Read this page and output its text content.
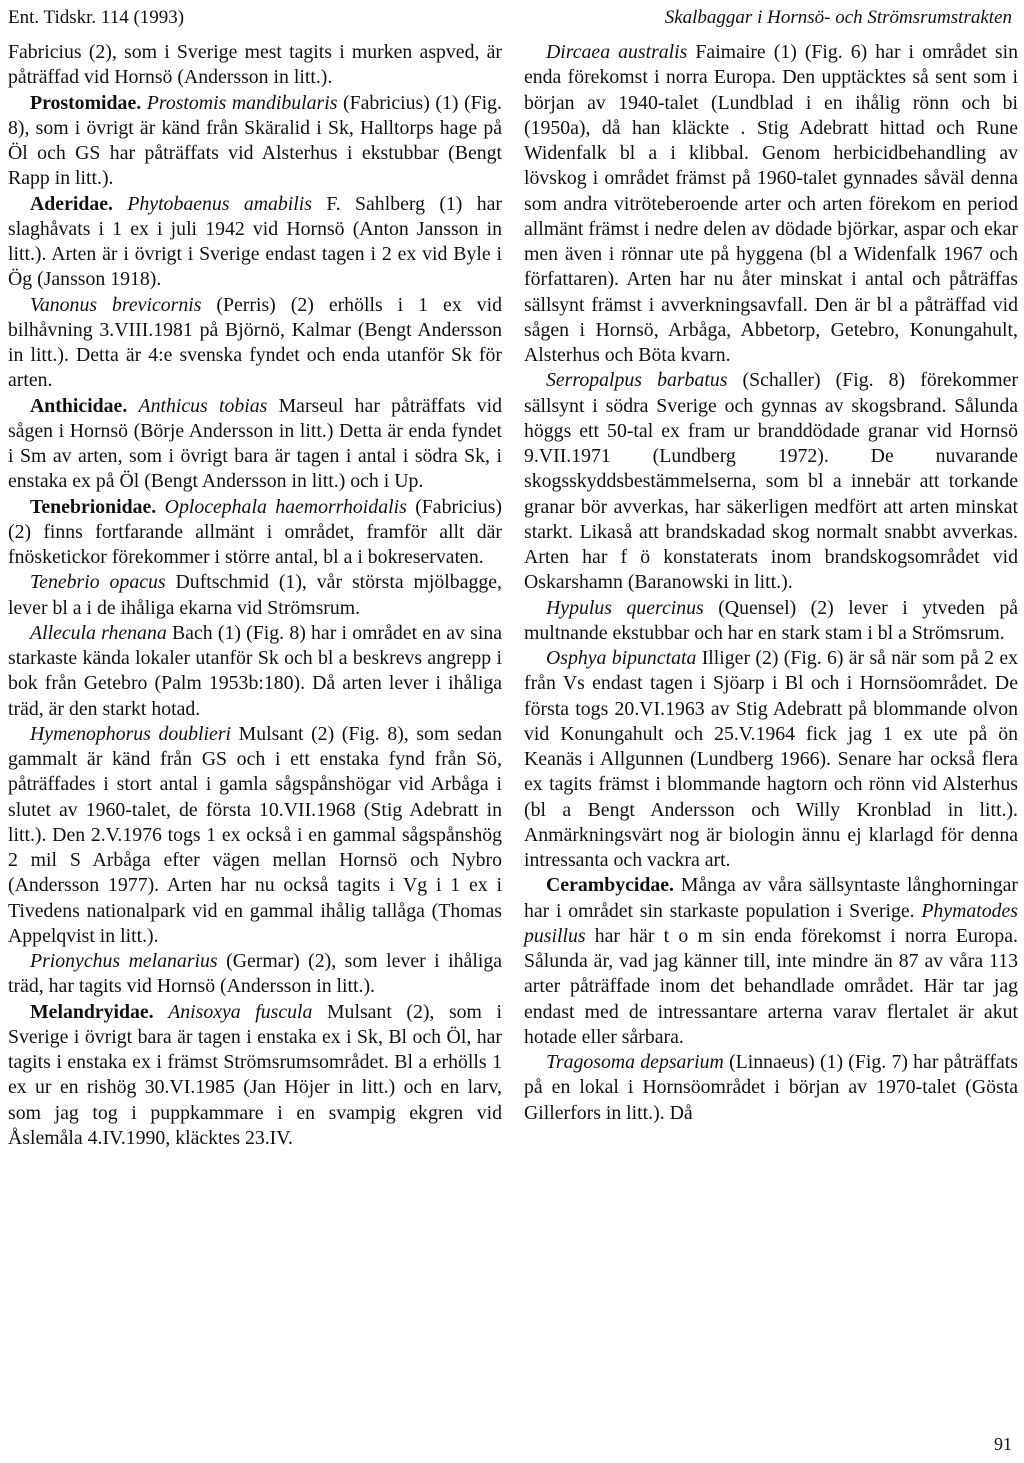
Ent. Tidskr. 114 (1993)	Skalbaggar i Hornsö- och Strömsrumstrakten

Fabricius (2), som i Sverige mest tagits i murken aspved, är påträffad vid Hornsö (Andersson in litt.).

Prostomidae. Prostomis mandibularis (Fabricius) (1) (Fig. 8), som i övrigt är känd från Skäralid i Sk, Halltorps hage på Öl och GS har påträffats vid Alsterhus i ekstubbar (Bengt Rapp in litt.).

Aderidae. Phytobaenus amabilis F. Sahlberg (1) har slaghåvats i 1 ex i juli 1942 vid Hornsö (Anton Jansson in litt.). Arten är i övrigt i Sverige endast tagen i 2 ex vid Byle i Ög (Jansson 1918).

Vanonus brevicornis (Perris) (2) erhölls i 1 ex vid bilhåvning 3.VIII.1981 på Björnö, Kalmar (Bengt Andersson in litt.). Detta är 4:e svenska fyndet och enda utanför Sk för arten.

Anthicidae. Anthicus tobias Marseul har påträffats vid sågen i Hornsö (Börje Andersson in litt.) Detta är enda fyndet i Sm av arten, som i övrigt bara är tagen i antal i södra Sk, i enstaka ex på Öl (Bengt Andersson in litt.) och i Up.

Tenebrionidae. Oplocephala haemorrhoidalis (Fabricius) (2) finns fortfarande allmänt i området, framför allt där fnösketickor förekommer i större antal, bl a i bokreservaten.

Tenebrio opacus Duftschmid (1), vår största mjölbagge, lever bl a i de ihåliga ekarna vid Strömsrum.

Allecula rhenana Bach (1) (Fig. 8) har i området en av sina starkaste kända lokaler utanför Sk och bl a beskrevs angrepp i bok från Getebro (Palm 1953b:180). Då arten lever i ihåliga träd, är den starkt hotad.

Hymenophorus doublieri Mulsant (2) (Fig. 8), som sedan gammalt är känd från GS och i ett enstaka fynd från Sö, påträffades i stort antal i gamla sågspånshögar vid Arbåga i slutet av 1960-talet, de första 10.VII.1968 (Stig Adebratt in litt.). Den 2.V.1976 togs 1 ex också i en gammal sågspånshög 2 mil S Arbåga efter vägen mellan Hornsö och Nybro (Andersson 1977). Arten har nu också tagits i Vg i 1 ex i Tivedens nationalpark vid en gammal ihålig tallåga (Thomas Appelqvist in litt.).

Prionychus melanarius (Germar) (2), som lever i ihåliga träd, har tagits vid Hornsö (Andersson in litt.).

Melandryidae. Anisoxya fuscula Mulsant (2), som i Sverige i övrigt bara är tagen i enstaka ex i Sk, Bl och Öl, har tagits i enstaka ex i främst Strömsrumsområdet. Bl a erhölls 1 ex ur en rishög 30.VI.1985 (Jan Höjer in litt.) och en larv, som jag tog i puppkammare i en svampig ekgren vid Åslemåla 4.IV.1990, kläcktes 23.IV.

Dircaea australis Faimaire (1) (Fig. 6) har i området sin enda förekomst i norra Europa. Den upptäcktes så sent som i början av 1940-talet (Lundblad i en ihålig rönn och bi (1950a), då han kläckte . Stig Adebratt hittad och Rune Widenfalk bl a i klibbal. Genom herbicidbehandling av lövskog i området främst på 1960-talet gynnades såväl denna som andra vitröteberoende arter och arten förekom en period allmänt främst i nedre delen av dödade björkar, aspar och ekar men även i rönnar ute på hyggena (bl a Widenfalk 1967 och författaren). Arten har nu åter minskat i antal och påträffas sällsynt främst i avverkningsavfall. Den är bl a påträffad vid sågen i Hornsö, Arbåga, Abbetorp, Getebro, Konungahult, Alsterhus och Böta kvarn.

Serropalpus barbatus (Schaller) (Fig. 8) förekommer sällsynt i södra Sverige och gynnas av skogsbrand. Sålunda höggs ett 50-tal ex fram ur branddödade granar vid Hornsö 9.VII.1971 (Lundberg 1972). De nuvarande skogsskyddsbestämmelserna, som bl a innebär att torkande granar bör avverkas, har säkerligen medfört att arten minskat starkt. Likaså att brandskadad skog normalt snabbt avverkas. Arten har f ö konstaterats inom brandskogsområdet vid Oskarshamn (Baranowski in litt.).

Hypulus quercinus (Quensel) (2) lever i ytveden på multnande ekstubbar och har en stark stam i bl a Strömsrum.

Osphya bipunctata Illiger (2) (Fig. 6) är så när som på 2 ex från Vs endast tagen i Sjöarp i Bl och i Hornsöområdet. De första togs 20.VI.1963 av Stig Adebratt på blommande olvon vid Konungahult och 25.V.1964 fick jag 1 ex ute på ön Keanäs i Allgunnen (Lundberg 1966). Senare har också flera ex tagits främst i blommande hagtorn och rönn vid Alsterhus (bl a Bengt Andersson och Willy Kronblad in litt.). Anmärkningsvärt nog är biologin ännu ej klarlagd för denna intressanta och vackra art.

Cerambycidae. Många av våra sällsyntaste långhorningar har i området sin starkaste population i Sverige. Phymatodes pusillus har här t o m sin enda förekomst i norra Europa. Sålunda är, vad jag känner till, inte mindre än 87 av våra 113 arter påträffade inom det behandlade området. Här tar jag endast med de intressantare arterna varav flertalet är akut hotade eller sårbara.

Tragosoma depsarium (Linnaeus) (1) (Fig. 7) har påträffats på en lokal i Hornsöområdet i början av 1970-talet (Gösta Gillerfors in litt.). Då

91
